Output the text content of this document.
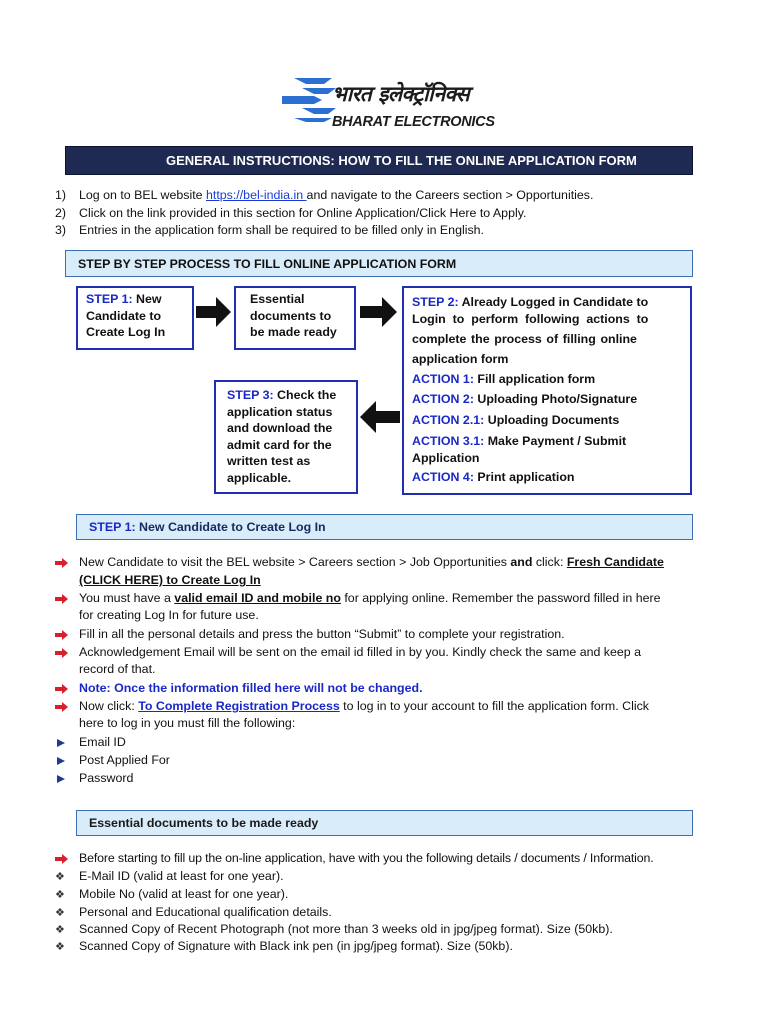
भारत इलेक्ट्रॉनिक्स
BHARAT ELECTRONICS
GENERAL INSTRUCTIONS: HOW TO FILL THE ONLINE APPLICATION FORM
1)	Log on to BEL website https://bel-india.in and navigate to the Careers section > Opportunities.
2)	Click on the link provided in this section for Online Application/Click Here to Apply.
3)	Entries in the application form shall be required to be filled only in English.
STEP BY STEP PROCESS TO FILL ONLINE APPLICATION FORM
STEP 1: New
Candidate to
Create Log In
Essential
documents to
be made ready
STEP 2: Already Logged in Candidate to
Login to perform following actions to
complete the process of filling online
application form
ACTION 1: Fill application form
ACTION 2: Uploading Photo/Signature
ACTION 2.1: Uploading Documents
ACTION 3.1: Make Payment / Submit
Application
ACTION 4: Print application
STEP 3: Check the
application status
and download the
admit card for the
written test as
applicable.
STEP 1: New Candidate to Create Log In
New Candidate to visit the BEL website > Careers section > Job Opportunities and click: Fresh Candidate
(CLICK HERE) to Create Log In
You must have a valid email ID and mobile no for applying online. Remember the password filled in here
for creating Log In for future use.
Fill in all the personal details and press the button “Submit” to complete your registration.
Acknowledgement Email will be sent on the email id filled in by you. Kindly check the same and keep a
record of that.
Note: Once the information filled here will not be changed.
Now click: To Complete Registration Process to log in to your account to fill the application form. Click
here to log in you must fill the following:
Email ID
Post Applied For
Password
Essential documents to be made ready
Before starting to fill up the on-line application, have with you the following details / documents / Information.
❖ E-Mail ID (valid at least for one year).
❖ Mobile No (valid at least for one year).
❖ Personal and Educational qualification details.
❖ Scanned Copy of Recent Photograph (not more than 3 weeks old in jpg/jpeg format). Size (50kb).
❖ Scanned Copy of Signature with Black ink pen (in jpg/jpeg format). Size (50kb).
